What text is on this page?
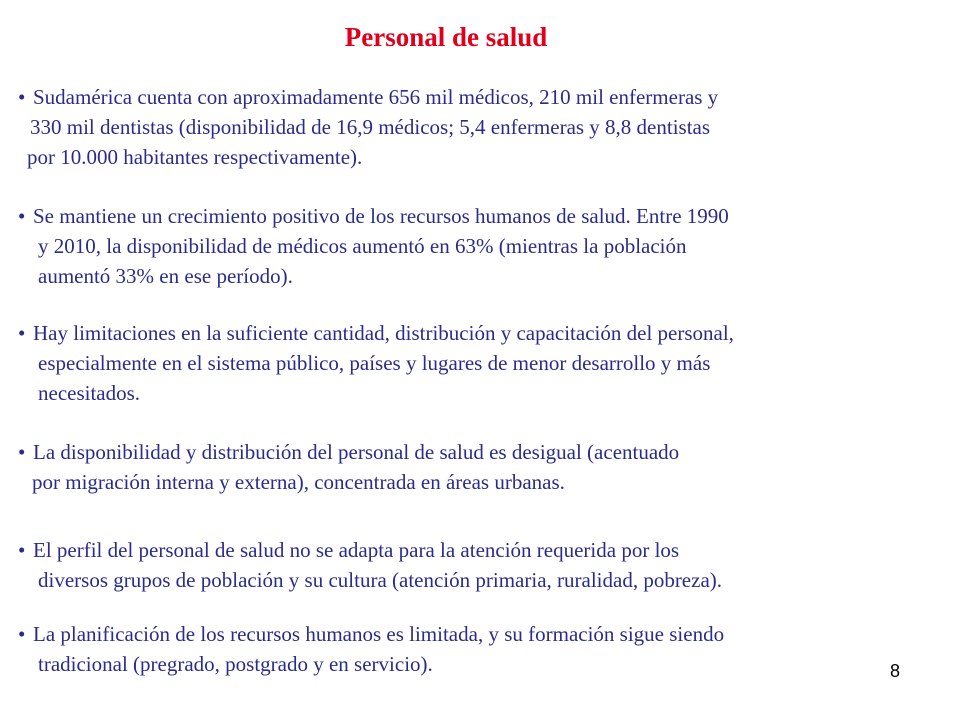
Personal de salud
• Sudamérica cuenta con aproximadamente 656 mil médicos, 210 mil enfermeras y
330 mil dentistas (disponibilidad de 16,9 médicos; 5,4 enfermeras y 8,8 dentistas
por 10.000 habitantes respectivamente).
• Se mantiene un crecimiento positivo de los recursos humanos de salud. Entre 1990
y 2010, la disponibilidad de médicos aumentó en 63% (mientras la población
aumentó 33% en ese período).
• Hay limitaciones en la suficiente cantidad, distribución y capacitación del personal,
especialmente en el sistema público, países y lugares de menor desarrollo y más
necesitados.
• La disponibilidad y distribución del personal de salud es desigual (acentuado
por migración interna y externa), concentrada en áreas urbanas.
• El perfil del personal de salud no se adapta para la atención requerida por los
diversos grupos de población y su cultura (atención primaria, ruralidad, pobreza).
• La planificación de los recursos humanos es limitada, y su formación sigue siendo
tradicional (pregrado, postgrado y en servicio).	8
